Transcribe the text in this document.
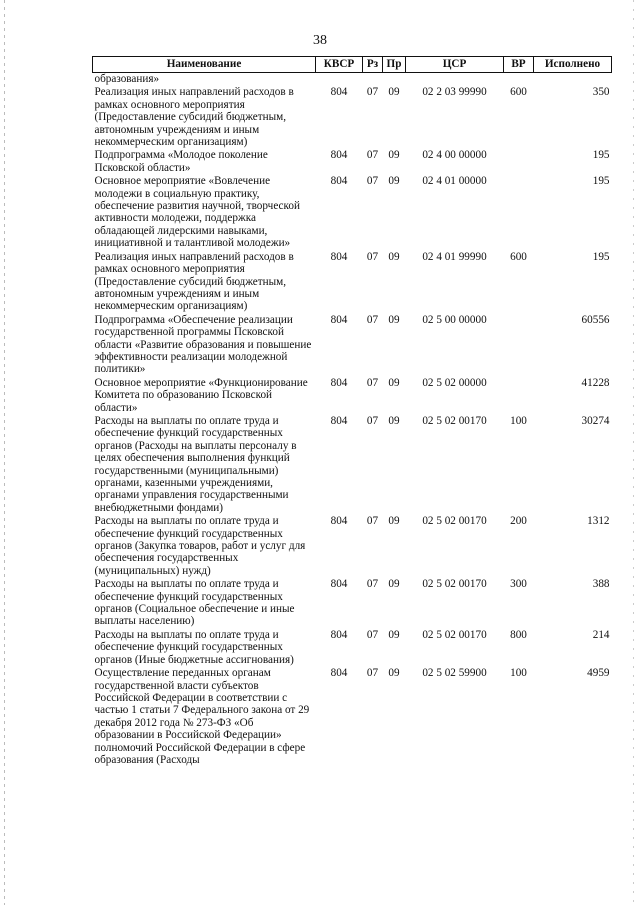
38
Наименование	КВСР	Рз	Пр	ЦСР	ВР	Исполнено
образования»						
Реализация иных направлений расходов в рамках основного мероприятия (Предоставление субсидий бюджетным, автономным учреждениям и иным некоммерческим организациям)	804	07	09	02 2 03 99990	600	350
Подпрограмма «Молодое поколение Псковской области»	804	07	09	02 4 00 00000		195
Основное мероприятие «Вовлечение молодежи в социальную практику, обеспечение развития научной, творческой активности молодежи, поддержка обладающей лидерскими навыками, инициативной и талантливой молодежи»	804	07	09	02 4 01 00000		195
Реализация иных направлений расходов в рамках основного мероприятия (Предоставление субсидий бюджетным, автономным учреждениям и иным некоммерческим организациям)	804	07	09	02 4 01 99990	600	195
Подпрограмма «Обеспечение реализации государственной программы Псковской области «Развитие образования и повышение эффективности реализации молодежной политики»	804	07	09	02 5 00 00000		60556
Основное мероприятие «Функционирование Комитета по образованию Псковской области»	804	07	09	02 5 02 00000		41228
Расходы на выплаты по оплате труда и обеспечение функций государственных органов (Расходы на выплаты персоналу в целях обеспечения выполнения функций государственными (муниципальными) органами, казенными учреждениями, органами управления государственными внебюджетными фондами)	804	07	09	02 5 02 00170	100	30274
Расходы на выплаты по оплате труда и обеспечение функций государственных органов (Закупка товаров, работ и услуг для обеспечения государственных (муниципальных) нужд)	804	07	09	02 5 02 00170	200	1312
Расходы на выплаты по оплате труда и обеспечение функций государственных органов (Социальное обеспечение и иные выплаты населению)	804	07	09	02 5 02 00170	300	388
Расходы на выплаты по оплате труда и обеспечение функций государственных органов (Иные бюджетные ассигнования)	804	07	09	02 5 02 00170	800	214
Осуществление переданных органам государственной власти субъектов Российской Федерации в соответствии с частью 1 статьи 7 Федерального закона от 29 декабря 2012 года № 273-ФЗ «Об образовании в Российской Федерации» полномочий Российской Федерации в сфере образования (Расходы	804	07	09	02 5 02 59900	100	4959
